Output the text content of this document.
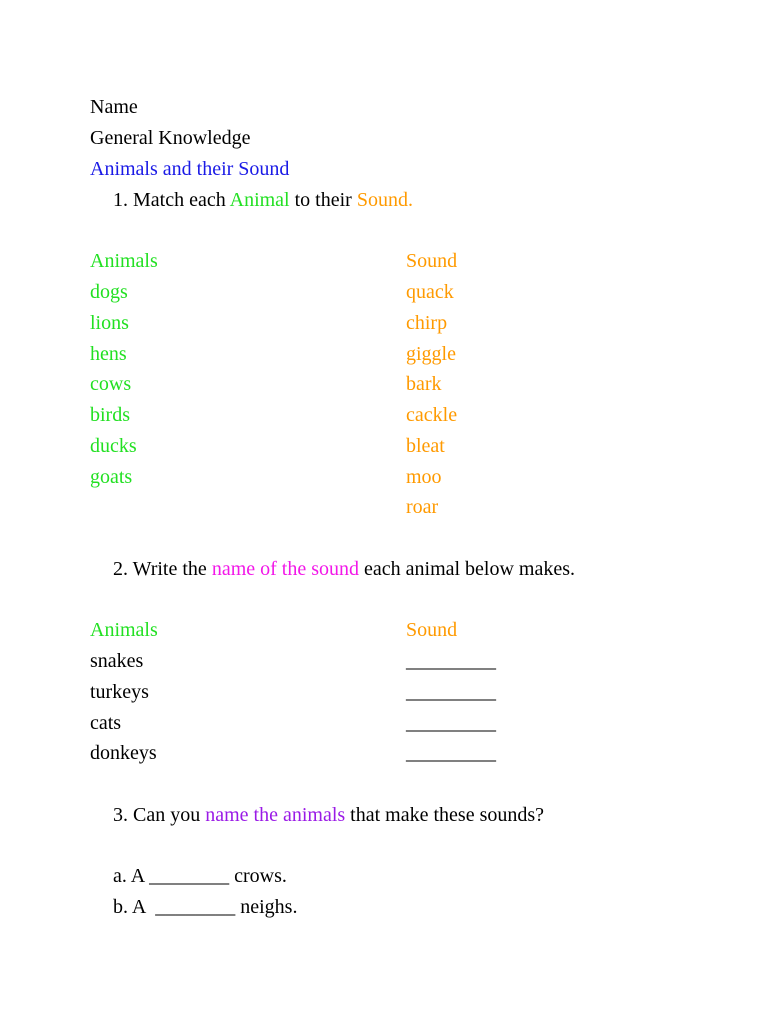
Name
General Knowledge
Animals and their Sound
1. Match each Animal to their Sound.
Animals	Sound
dogs
lions
hens
cows
birds
ducks
goats
quack
chirp
giggle
bark
cackle
bleat
moo
roar
2. Write the name of the sound each animal below makes.
Animals	Sound
snakes
turkeys
cats
donkeys
_________
_________
_________
_________
3. Can you name the animals that make these sounds?
a. A ________ crows.
b. A  ________ neighs.
